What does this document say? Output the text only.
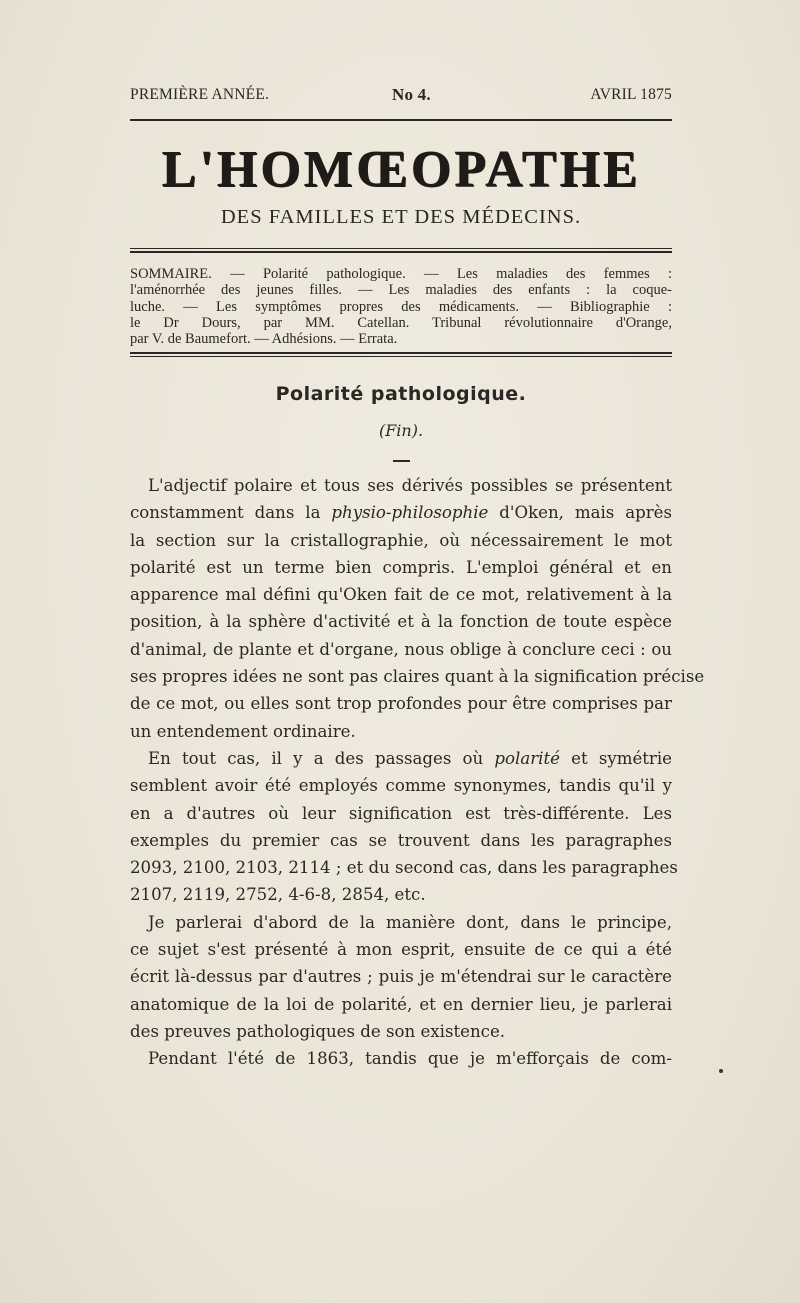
PREMIÈRE ANNÉE.	No 4.	AVRIL 1875
L'HOMŒOPATHE
DES FAMILLES ET DES MÉDECINS.
SOMMAIRE. — Polarité pathologique. — Les maladies des femmes :
l'aménorrhée des jeunes filles. — Les maladies des enfants : la coque-
luche. — Les symptômes propres des médicaments. — Bibliographie :
le Dr Dours, par MM. Catellan. Tribunal révolutionnaire d'Orange,
par V. de Baumefort. — Adhésions. — Errata.
Polarité pathologique.
(Fin).
L'adjectif polaire et tous ses dérivés possibles se présentent
constamment dans la physio-philosophie d'Oken, mais après
la section sur la cristallographie, où nécessairement le mot
polarité est un terme bien compris. L'emploi général et en
apparence mal défini qu'Oken fait de ce mot, relativement à la
position, à la sphère d'activité et à la fonction de toute espèce
d'animal, de plante et d'organe, nous oblige à conclure ceci : ou
ses propres idées ne sont pas claires quant à la signification précise
de ce mot, ou elles sont trop profondes pour être comprises par
un entendement ordinaire.
En tout cas, il y a des passages où polarité et symétrie
semblent avoir été employés comme synonymes, tandis qu'il y
en a d'autres où leur signification est très-différente. Les
exemples du premier cas se trouvent dans les paragraphes
2093, 2100, 2103, 2114 ; et du second cas, dans les paragraphes
2107, 2119, 2752, 4-6-8, 2854, etc.
Je parlerai d'abord de la manière dont, dans le principe,
ce sujet s'est présenté à mon esprit, ensuite de ce qui a été
écrit là-dessus par d'autres ; puis je m'étendrai sur le caractère
anatomique de la loi de polarité, et en dernier lieu, je parlerai
des preuves pathologiques de son existence.
Pendant l'été de 1863, tandis que je m'efforçais de com-
